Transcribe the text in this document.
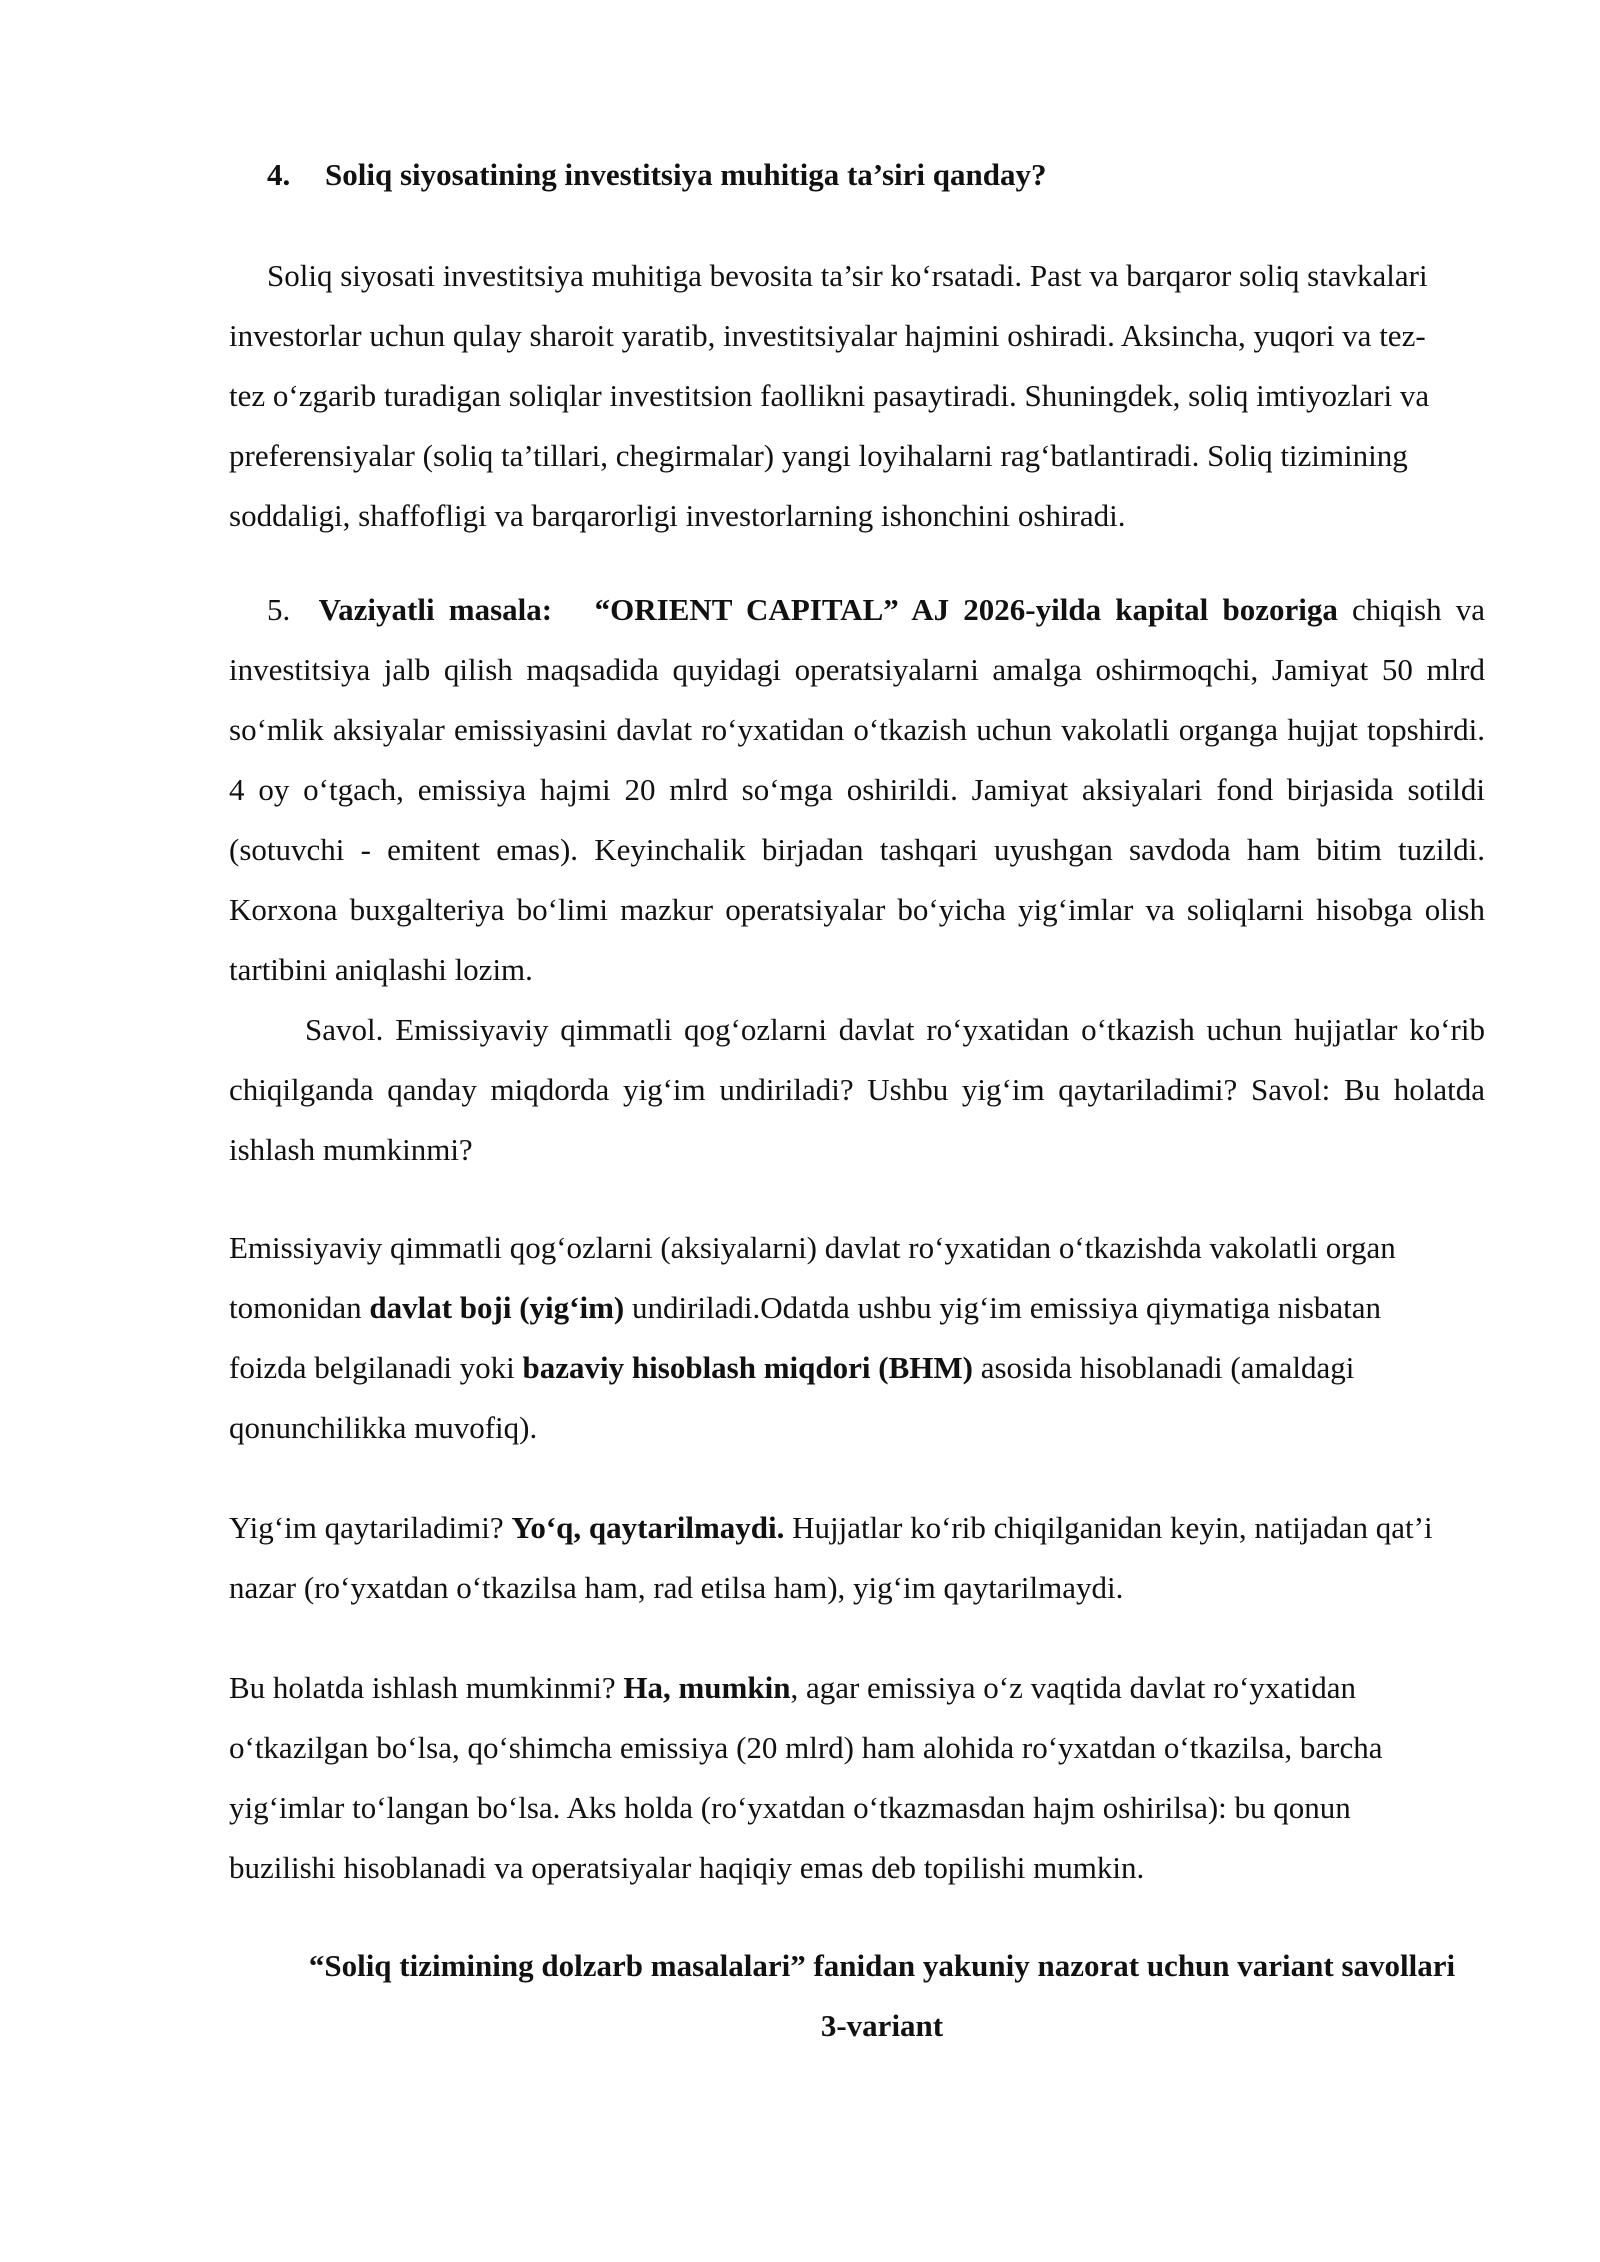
4. Soliq siyosatining investitsiya muhitiga ta’siri qanday?

Soliq siyosati investitsiya muhitiga bevosita ta’sir ko‘rsatadi. Past va barqaror soliq stavkalari investorlar uchun qulay sharoit yaratib, investitsiyalar hajmini oshiradi. Aksincha, yuqori va tez-tez o‘zgarib turadigan soliqlar investitsion faollikni pasaytiradi. Shuningdek, soliq imtiyozlari va preferensiyalar (soliq ta’tillari, chegirmalar) yangi loyihalarni rag‘batlantiradi. Soliq tizimining soddaligi, shaffofligi va barqarorligi investorlarning ishonchini oshiradi.

5. Vaziyatli masala: “ORIENT CAPITAL” AJ 2026-yilda kapital bozoriga chiqish va investitsiya jalb qilish maqsadida quyidagi operatsiyalarni amalga oshirmoqchi, Jamiyat 50 mlrd so‘mlik aksiyalar emissiyasini davlat ro‘yxatidan o‘tkazish uchun vakolatli organga hujjat topshirdi. 4 oy o‘tgach, emissiya hajmi 20 mlrd so‘mga oshirildi. Jamiyat aksiyalari fond birjasida sotildi (sotuvchi - emitent emas). Keyinchalik birjadan tashqari uyushgan savdoda ham bitim tuzildi. Korxona buxgalteriya bo‘limi mazkur operatsiyalar bo‘yicha yig‘imlar va soliqlarni hisobga olish tartibini aniqlashi lozim.

Savol. Emissiyaviy qimmatli qog‘ozlarni davlat ro‘yxatidan o‘tkazish uchun hujjatlar ko‘rib chiqilganda qanday miqdorda yig‘im undiriladi? Ushbu yig‘im qaytariladimi? Savol: Bu holatda ishlash mumkinmi?

Emissiyaviy qimmatli qog‘ozlarni (aksiyalarni) davlat ro‘yxatidan o‘tkazishda vakolatli organ tomonidan davlat boji (yig‘im) undiriladi.Odatda ushbu yig‘im emissiya qiymatiga nisbatan foizda belgilanadi yoki bazaviy hisoblash miqdori (BHM) asosida hisoblanadi (amaldagi qonunchilikka muvofiq).

Yig‘im qaytariladimi? Yo‘q, qaytarilmaydi. Hujjatlar ko‘rib chiqilganidan keyin, natijadan qat’i nazar (ro‘yxatdan o‘tkazilsa ham, rad etilsa ham), yig‘im qaytarilmaydi.

Bu holatda ishlash mumkinmi? Ha, mumkin, agar emissiya o‘z vaqtida davlat ro‘yxatidan o‘tkazilgan bo‘lsa, qo‘shimcha emissiya (20 mlrd) ham alohida ro‘yxatdan o‘tkazilsa, barcha yig‘imlar to‘langan bo‘lsa. Aks holda (ro‘yxatdan o‘tkazmasdan hajm oshirilsa): bu qonun buzilishi hisoblanadi va operatsiyalar haqiqiy emas deb topilishi mumkin.

“Soliq tizimining dolzarb masalalari” fanidan yakuniy nazorat uchun variant savollari

3-variant
